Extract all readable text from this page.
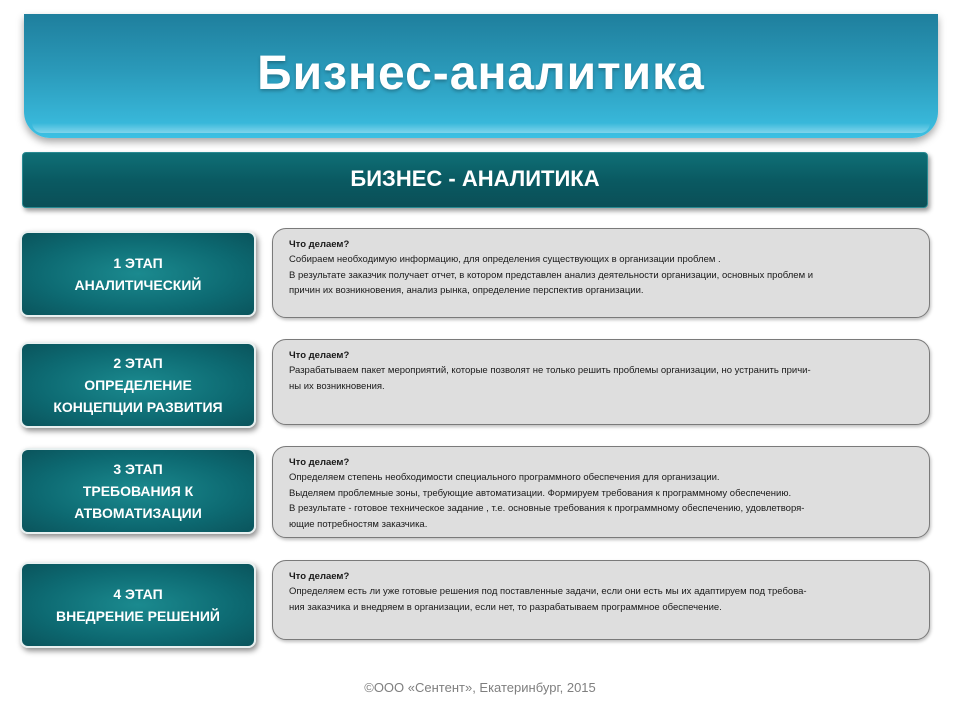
Бизнес-аналитика
БИЗНЕС - АНАЛИТИКА
1 ЭТАП
АНАЛИТИЧЕСКИЙ
Что делаем?
Собираем необходимую информацию, для определения существующих в организации проблем .
В результате заказчик получает отчет, в котором представлен анализ деятельности организации, основных проблем и
причин их возникновения, анализ рынка, определение перспектив организации.
2 ЭТАП
ОПРЕДЕЛЕНИЕ
КОНЦЕПЦИИ РАЗВИТИЯ
Что делаем?
Разрабатываем пакет мероприятий, которые позволят не только решить проблемы организации, но устранить причи-
ны их возникновения.
3 ЭТАП
ТРЕБОВАНИЯ К
АТВОМАТИЗАЦИИ
Что делаем?
Определяем степень необходимости специального программного обеспечения для организации.
Выделяем проблемные зоны, требующие автоматизации. Формируем требования к программному обеспечению.
В результате - готовое техническое задание , т.е. основные требования к программному обеспечению, удовлетворя-
ющие потребностям заказчика.
4 ЭТАП
ВНЕДРЕНИЕ РЕШЕНИЙ
Что делаем?
Определяем есть ли уже готовые решения под поставленные задачи, если они есть мы их адаптируем под требова-
ния заказчика и внедряем в организации, если нет, то разрабатываем программное обеспечение.
©ООО «Сентент», Екатеринбург, 2015
